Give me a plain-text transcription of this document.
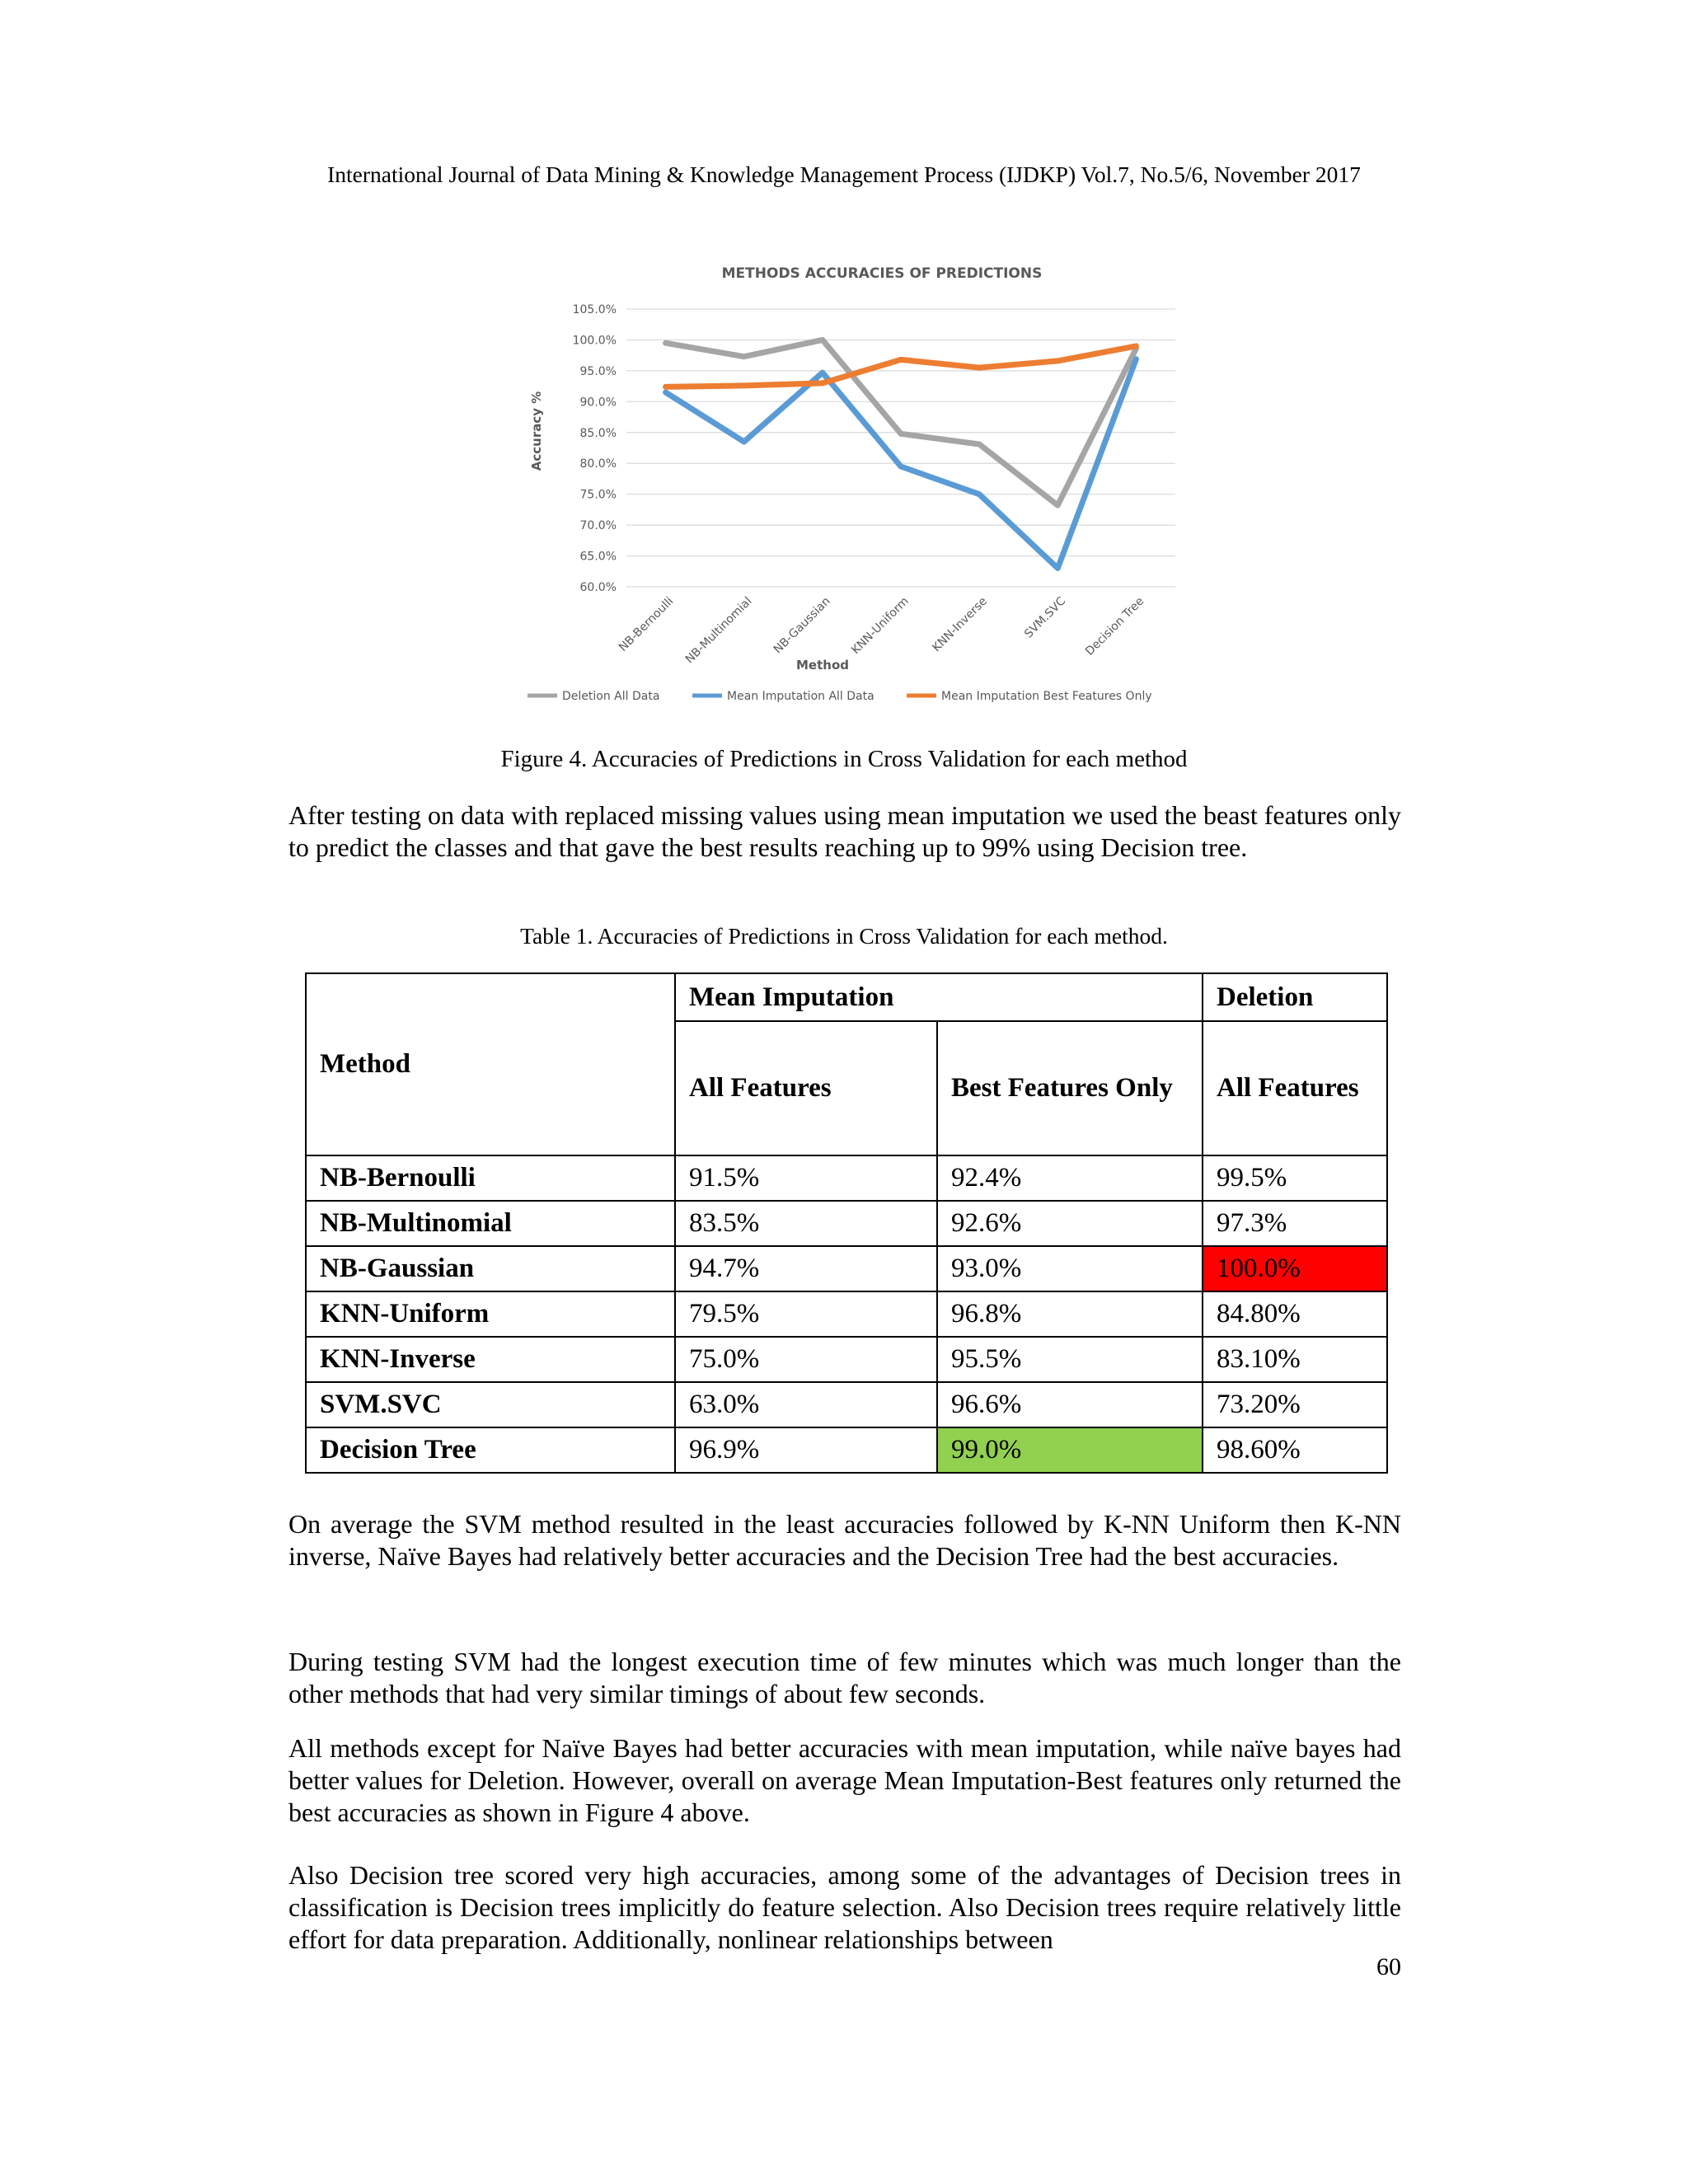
International Journal of Data Mining & Knowledge Management Process (IJDKP) Vol.7, No.5/6, November 2017
METHODS ACCURACIES OF PREDICTIONS
Accuracy %
Method
60.0%
65.0%
70.0%
75.0%
80.0%
85.0%
90.0%
95.0%
100.0%
105.0%
NB-Bernoulli NB-Multinomial NB-Gaussian KNN-Uniform KNN-Inverse	SVM.SVC Decision Tree
Deletion All Data	Mean Imputation All Data	Mean Imputation Best Features Only
Figure 4. Accuracies of Predictions in Cross Validation for each method

After testing on data with replaced missing values using mean imputation we used the beast features only to predict the classes and that gave the best results reaching up to 99% using Decision tree.

Table 1. Accuracies of Predictions in Cross Validation for each method.
Method	Mean Imputation		Deletion
	All Features	Best Features Only	All Features
NB-Bernoulli	91.5%	92.4%	99.5%
NB-Multinomial	83.5%	92.6%	97.3%
NB-Gaussian	94.7%	93.0%	100.0%
KNN-Uniform	79.5%	96.8%	84.80%
KNN-Inverse	75.0%	95.5%	83.10%
SVM.SVC	63.0%	96.6%	73.20%
Decision Tree	96.9%	99.0%	98.60%

On average the SVM method resulted in the least accuracies followed by K-NN Uniform then K-NN inverse, Naïve Bayes had relatively better accuracies and the Decision Tree had the best accuracies.

During testing SVM had the longest execution time of few minutes which was much longer than the other methods that had very similar timings of about few seconds.

All methods except for Naïve Bayes had better accuracies with mean imputation, while naïve bayes had better values for Deletion. However, overall on average Mean Imputation-Best features only returned the best accuracies as shown in Figure 4 above.

Also Decision tree scored very high accuracies, among some of the advantages of Decision trees in classification is Decision trees implicitly do feature selection. Also Decision trees require relatively little effort for data preparation. Additionally, nonlinear relationships between

60
